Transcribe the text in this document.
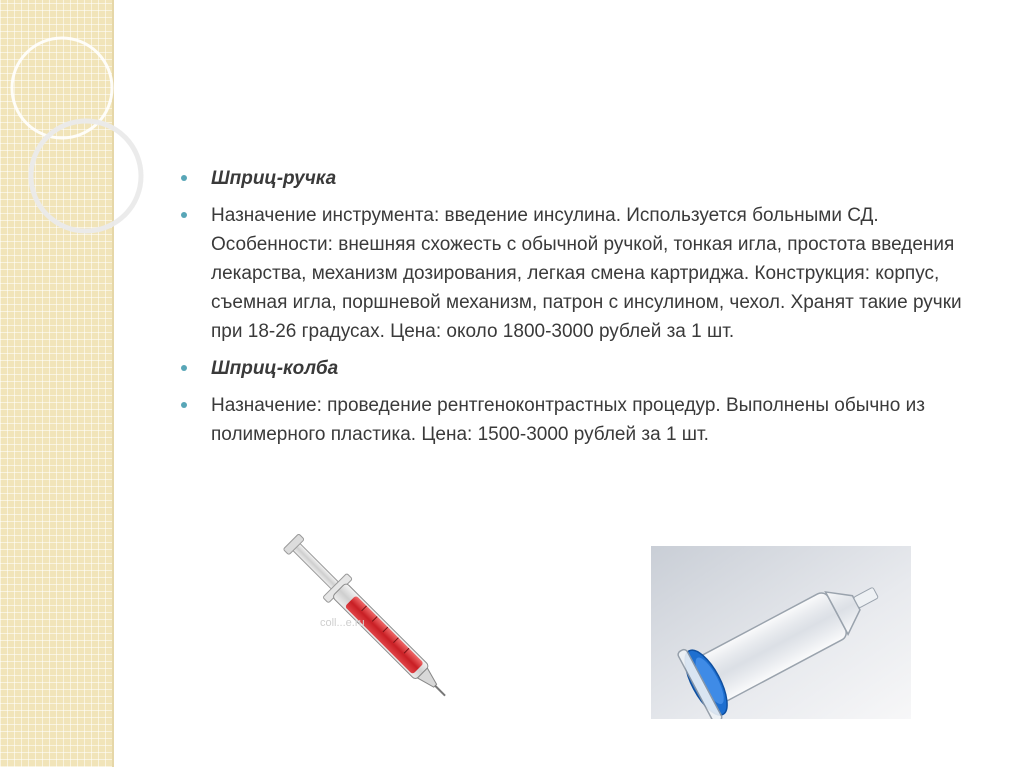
Шприц-ручка
Назначение инструмента: введение инсулина. Используется больными СД. Особенности: внешняя схожесть с обычной ручкой, тонкая игла, простота введения лекарства, механизм дозирования, легкая смена картриджа. Конструкция: корпус, съемная игла, поршневой механизм, патрон с инсулином, чехол. Хранят такие ручки при 18-26 градусах. Цена: около 1800-3000 рублей за 1 шт.
Шприц-колба
Назначение: проведение рентгеноконтрастных процедур. Выполнены обычно из полимерного пластика. Цена: 1500-3000 рублей за 1 шт.
coll...e.ru
